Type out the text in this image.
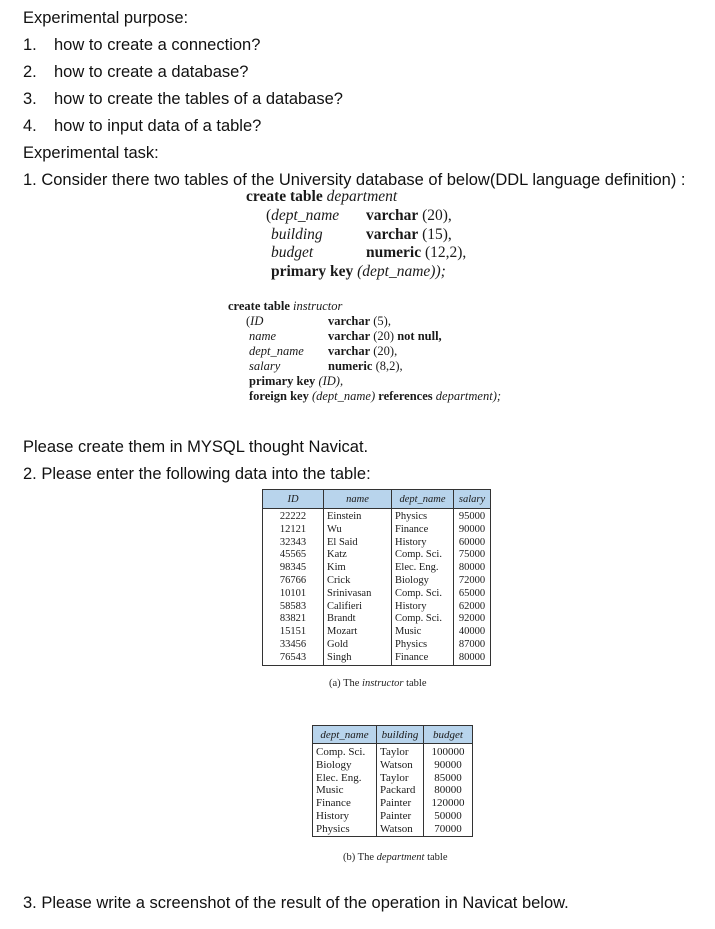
Experimental purpose:
1. how to create a connection?
2. how to create a database?
3. how to create the tables of a database?
4. how to input data of a table?
Experimental task:
1. Consider there two tables of the University database of below(DDL language definition) :
create table department
(dept_name varchar (20),
building	varchar (15),
budget	numeric (12,2),
primary key (dept_name));
create table instructor
(ID	varchar (5),
name	varchar (20) not null,
dept_name varchar (20),
salary	numeric (8,2),
primary key (ID),
foreign key (dept_name) references department);
Please create them in MYSQL thought Navicat.
2. Please enter the following data into the table:
ID	name	dept_name	salary
22222	Einstein	Physics	95000
12121	Wu	Finance	90000
32343	El Said	History	60000
45565	Katz	Comp. Sci.	75000
98345	Kim	Elec. Eng.	80000
76766	Crick	Biology	72000
10101	Srinivasan	Comp. Sci.	65000
58583	Califieri	History	62000
83821	Brandt	Comp. Sci.	92000
15151	Mozart	Music	40000
33456	Gold	Physics	87000
76543	Singh	Finance	80000
(a) The instructor table
dept_name	building	budget
Comp. Sci.	Taylor	100000
Biology	Watson	90000
Elec. Eng.	Taylor	85000
Music	Packard	80000
Finance	Painter	120000
History	Painter	50000
Physics	Watson	70000
(b) The department table
3. Please write a screenshot of the result of the operation in Navicat below.
